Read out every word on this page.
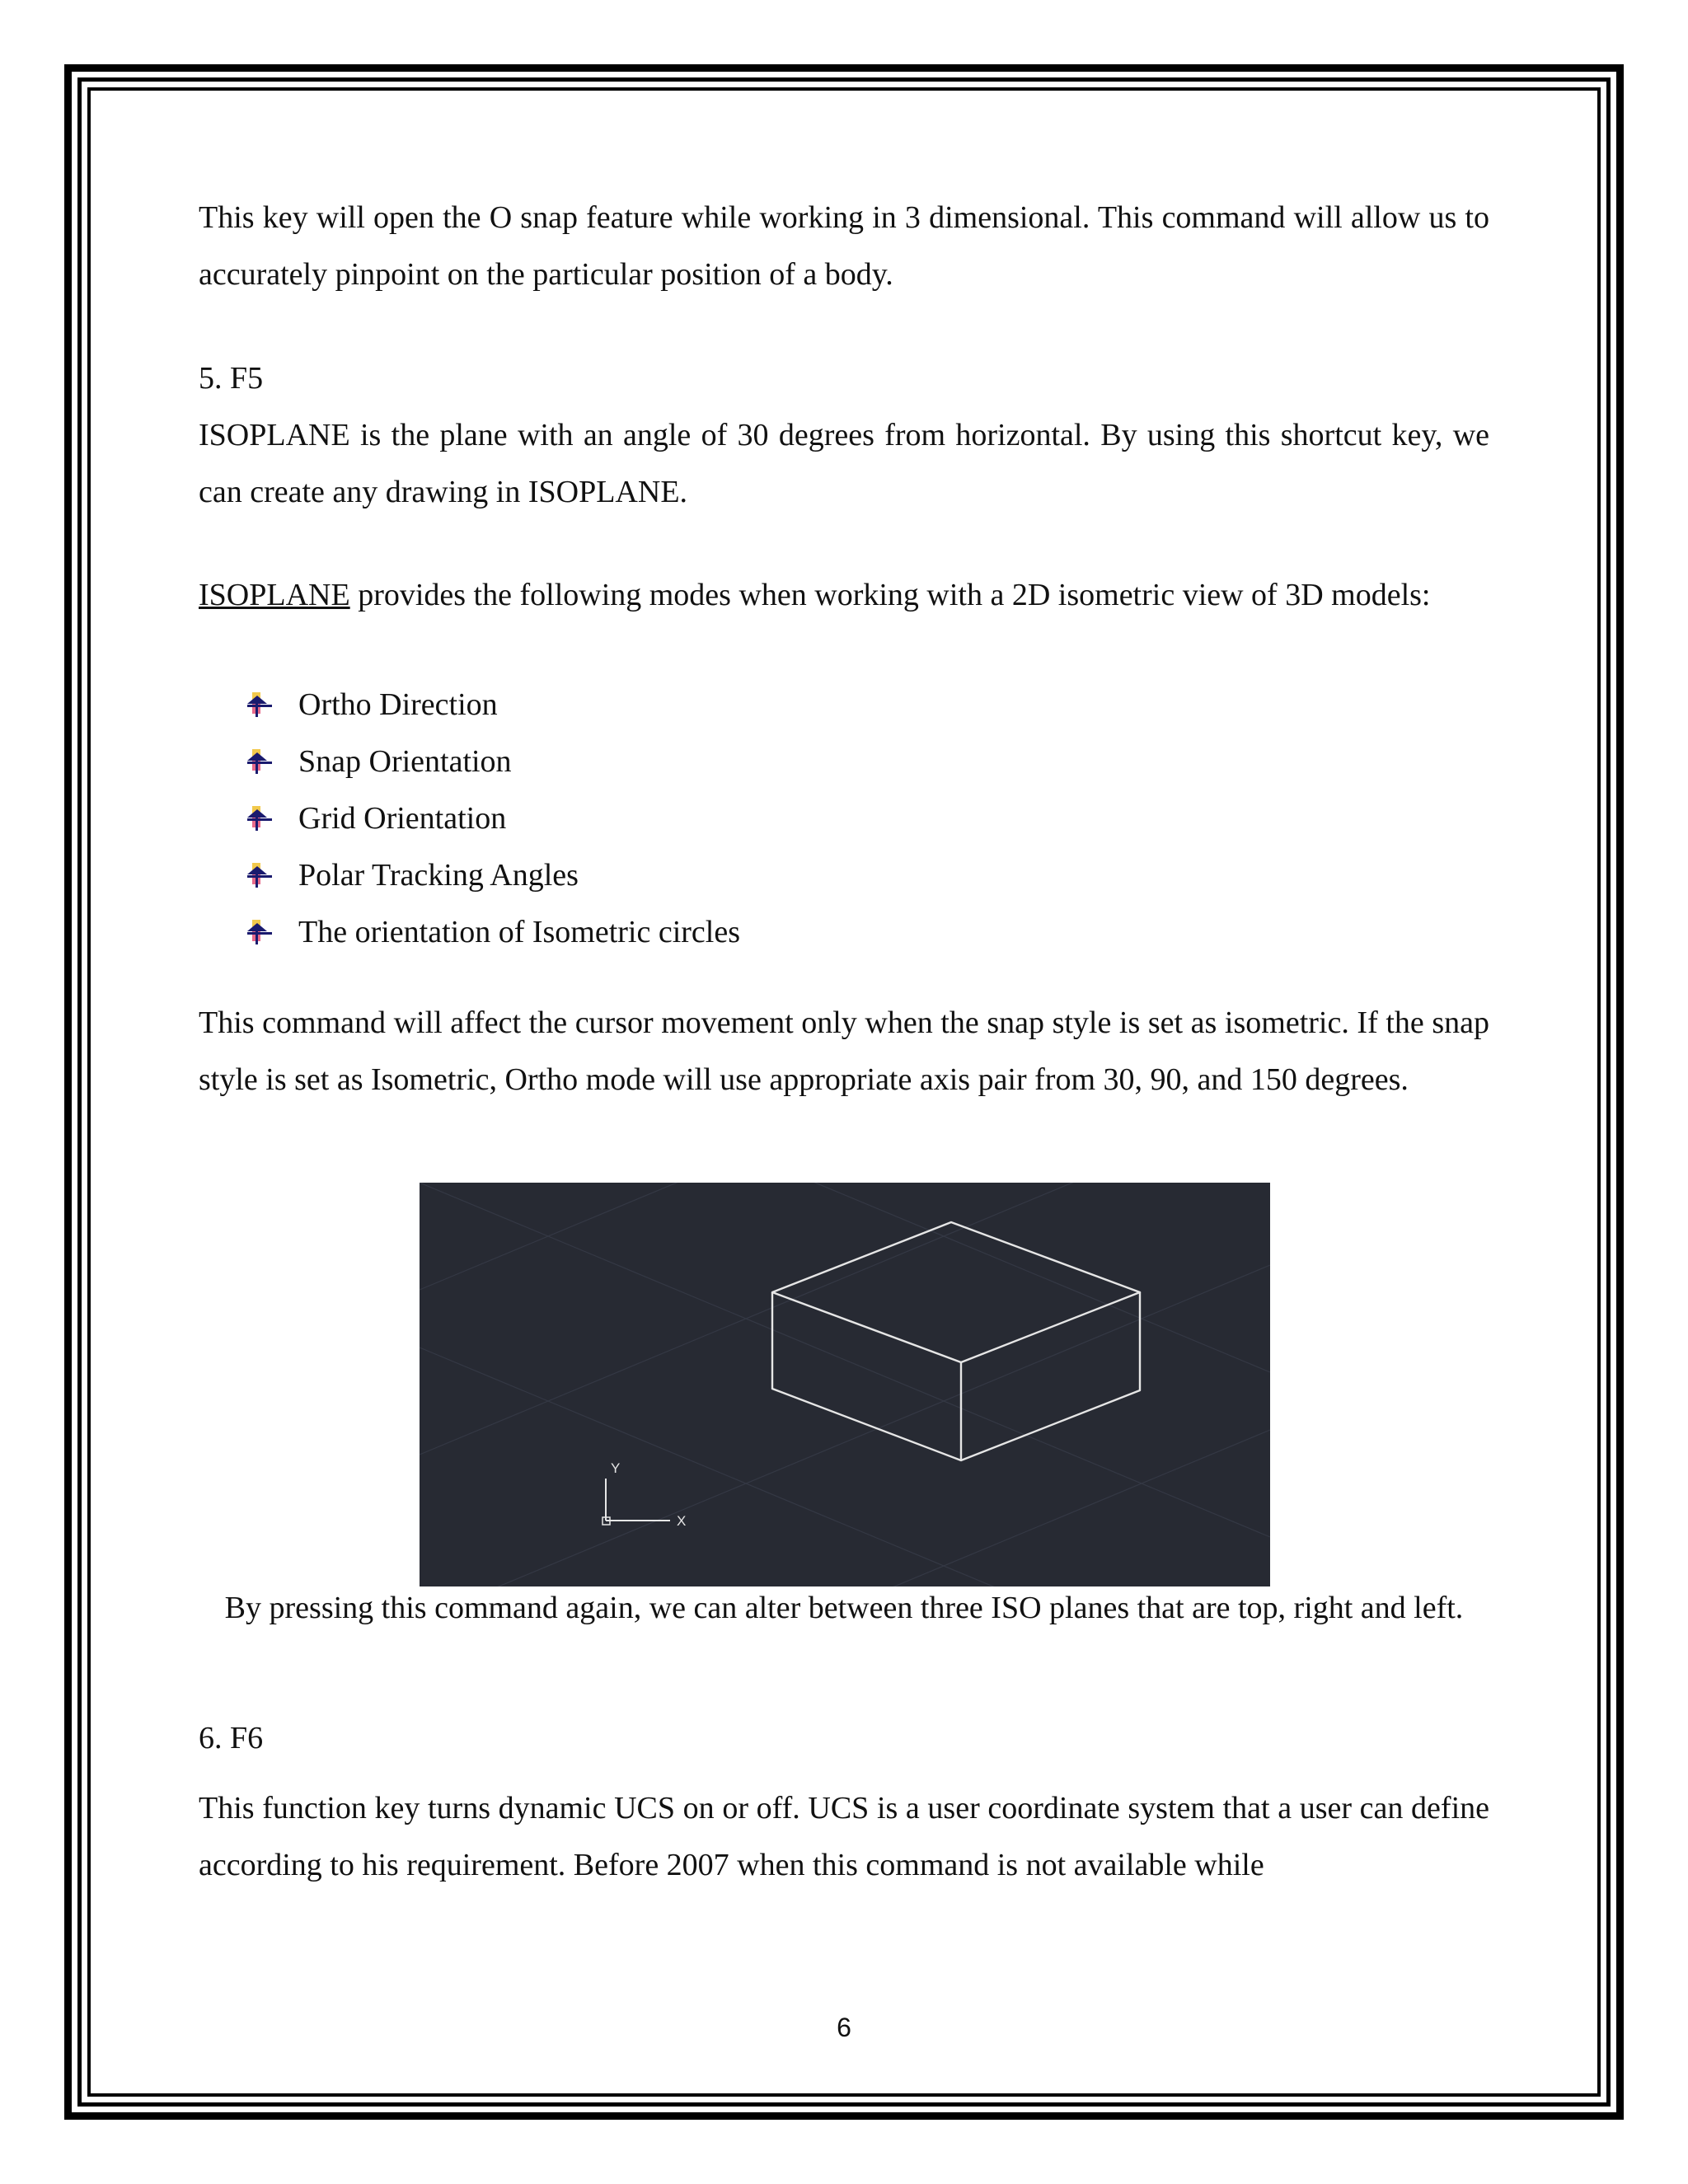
This key will open the O snap feature while working in 3 dimensional. This command will allow us to accurately pinpoint on the particular position of a body.

5. F5

ISOPLANE is the plane with an angle of 30 degrees from horizontal. By using this shortcut key, we can create any drawing in ISOPLANE.

ISOPLANE provides the following modes when working with a 2D isometric view of 3D models:

Ortho Direction
Snap Orientation
Grid Orientation
Polar Tracking Angles
The orientation of Isometric circles

This command will affect the cursor movement only when the snap style is set as isometric. If the snap style is set as Isometric, Ortho mode will use appropriate axis pair from 30, 90, and 150 degrees.

Y
X

By pressing this command again, we can alter between three ISO planes that are top, right and left.

6. F6

This function key turns dynamic UCS on or off. UCS is a user coordinate system that a user can define according to his requirement. Before 2007 when this command is not available while

6
